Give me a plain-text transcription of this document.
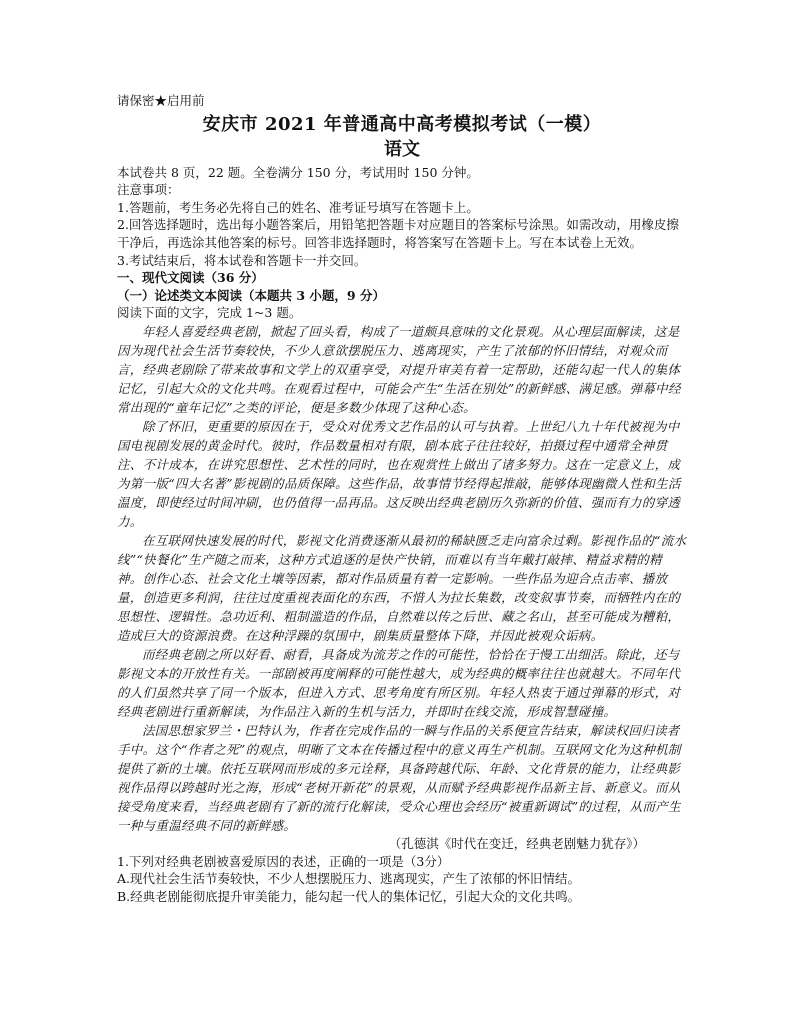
请保密★启用前
安庆市 2021 年普通高中高考模拟考试（一模）
语文
本试卷共 8 页，22 题。全卷满分 150 分，考试用时 150 分钟。
注意事项：
1.答题前，考生务必先将自己的姓名、准考证号填写在答题卡上。
2.回答选择题时，选出每小题答案后，用铅笔把答题卡对应题目的答案标号涂黑。如需改动，用橡皮擦干净后，再选涂其他答案的标号。回答非选择题时，将答案写在答题卡上。写在本试卷上无效。
3.考试结束后，将本试卷和答题卡一并交回。
一、现代文阅读（36 分）
（一）论述类文本阅读（本题共 3 小题，9 分）
阅读下面的文字，完成 1~3 题。
年轻人喜爱经典老剧，掀起了回头看，构成了一道颇具意味的文化景观。从心理层面解读，这是因为现代社会生活节奏较快，不少人意欲摆脱压力、逃离现实，产生了浓郁的怀旧情结，对观众而言，经典老剧除了带来故事和文学上的双重享受，对提升审美有着一定帮助，还能勾起一代人的集体记忆，引起大众的文化共鸣。在观看过程中，可能会产生“生活在别处”的新鲜感、满足感。弹幕中经常出现的“童年记忆”之类的评论，便是多数少体现了这种心态。
除了怀旧，更重要的原因在于，受众对优秀文艺作品的认可与执着。上世纪八九十年代被视为中国电视剧发展的黄金时代。彼时，作品数量相对有限，剧本底子往往较好，拍摄过程中通常全神贯注、不计成本，在讲究思想性、艺术性的同时，也在观赏性上做出了诸多努力。这在一定意义上，成为第一版“四大名著”影视剧的品质保障。这些作品，故事情节经得起推敲，能够体现幽微人性和生活温度，即使经过时间冲刷，也仍值得一品再品。这反映出经典老剧历久弥新的价值、强而有力的穿透力。
在互联网快速发展的时代，影视文化消费逐渐从最初的稀缺匮乏走向富余过剩。影视作品的“流水线”“快餐化”生产随之而来，这种方式追逐的是快产快销，而难以有当年戴打敲摔、精益求精的精神。创作心态、社会文化土壤等因素，都对作品质量有着一定影响。一些作品为迎合点击率、播放量，创造更多利润，往往过度重视表面化的东西，不惜人为拉长集数，改变叙事节奏，而牺牲内在的思想性、逻辑性。急功近利、粗制滥造的作品，自然难以传之后世、藏之名山，甚至可能成为糟粕，造成巨大的资源浪费。在这种浮躁的氛围中，剧集质量整体下降，并因此被观众诟病。
而经典老剧之所以好看、耐看，具备成为流芳之作的可能性，恰恰在于慢工出细活。除此，还与影视文本的开放性有关。一部剧被再度阐释的可能性越大，成为经典的概率往往也就越大。不同年代的人们虽然共享了同一个版本，但进入方式、思考角度有所区别。年轻人热衷于通过弹幕的形式，对经典老剧进行重新解读，为作品注入新的生机与活力，并即时在线交流，形成智慧碰撞。
法国思想家罗兰・巴特认为，作者在完成作品的一瞬与作品的关系便宣告结束，解读权回归读者手中。这个“作者之死”的观点，明晰了文本在传播过程中的意义再生产机制。互联网文化为这种机制提供了新的土壤。依托互联网而形成的多元诠释，具备跨越代际、年龄、文化背景的能力，让经典影视作品得以跨越时光之海，形成“老树开新花”的景观，从而赋予经典影视作品新主旨、新意义。而从接受角度来看，当经典老剧有了新的流行化解读，受众心理也会经历“被重新调试”的过程，从而产生一种与重温经典不同的新鲜感。
（孔德淇《时代在变迁，经典老剧魅力犹存》）
1.下列对经典老剧被喜爱原因的表述，正确的一项是（3分）
A.现代社会生活节奏较快，不少人想摆脱压力、逃离现实，产生了浓郁的怀旧情结。
B.经典老剧能彻底提升审美能力，能勾起一代人的集体记忆，引起大众的文化共鸣。
